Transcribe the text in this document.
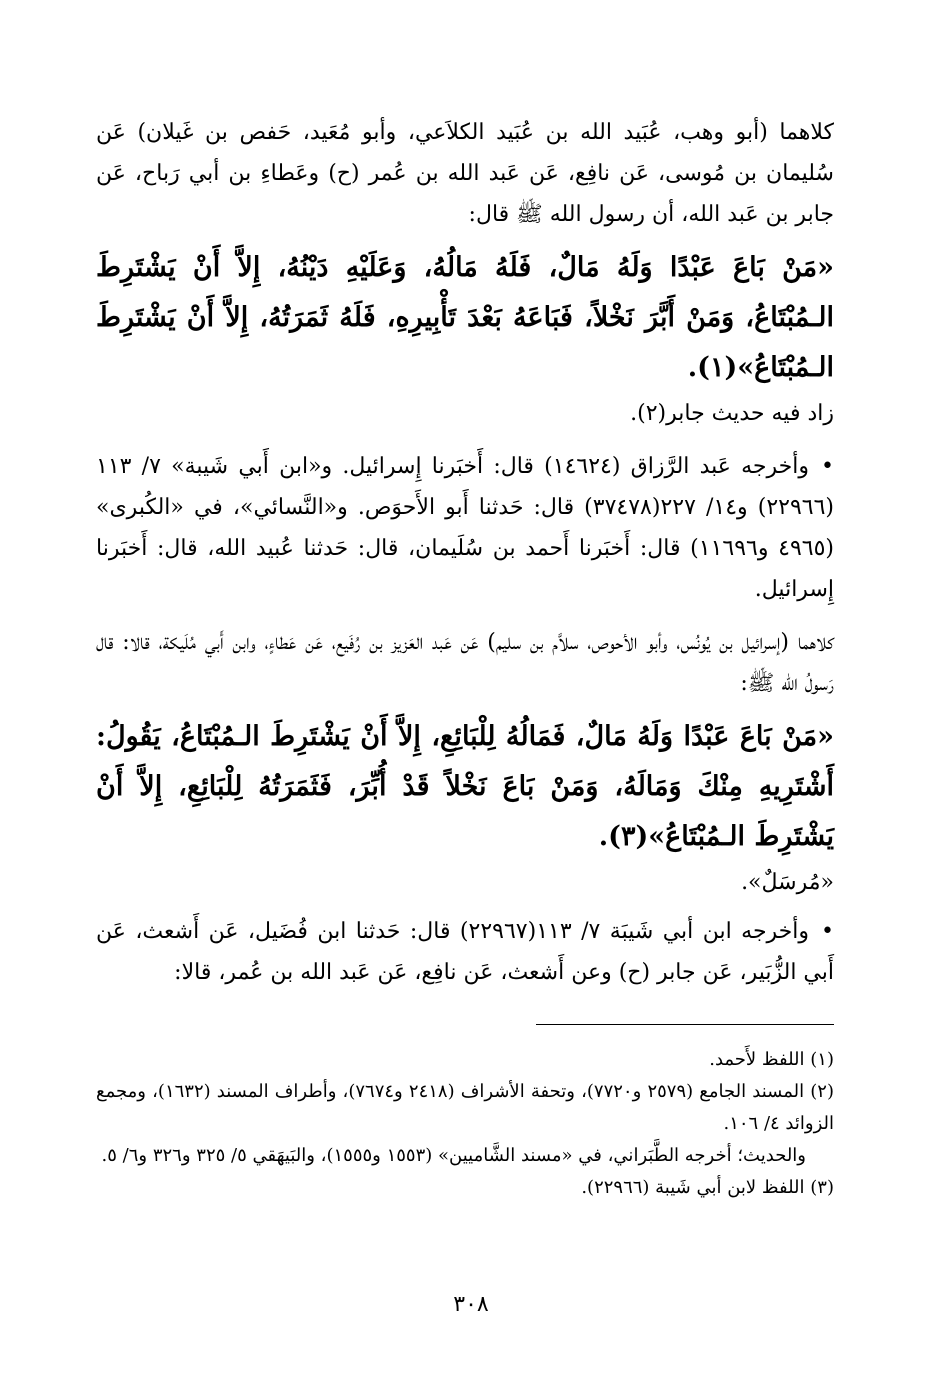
كلاهما (أبو وهب، عُبَيد الله بن عُبَيد الكلاَعي، وأبو مُعَيد، حَفص بن غَيلان) عَن سُليمان بن مُوسى، عَن نافِع، عَن عَبد الله بن عُمر (ح) وعَطاءِ بن أبي رَباح، عَن جابر بن عَبد الله، أن رسول الله ﷺ قال:

«مَنْ بَاعَ عَبْدًا وَلَهُ مَالٌ، فَلَهُ مَالُهُ، وَعَلَيْهِ دَيْنُهُ، إِلاَّ أَنْ يَشْتَرِطَ الـمُبْتَاعُ، وَمَنْ أَبَّرَ نَخْلاً، فَبَاعَهُ بَعْدَ تَأْبِيرِهِ، فَلَهُ ثَمَرَتُهُ، إِلاَّ أَنْ يَشْتَرِطَ الـمُبْتَاعُ»(١).

زاد فيه حديث جابر(٢).

•وأخرجه عَبد الرَّزاق (١٤٦٢٤) قال: أَخبَرنا إِسرائيل. و«ابن أَبي شَيبة» ٧/ ١١٣ (٢٢٩٦٦) و١٤/ ٢٢٧(٣٧٤٧٨) قال: حَدثنا أَبو الأَحوَص. و«النَّسائي»، في «الكُبرى» (٤٩٦٥ و١١٦٩٦) قال: أَخبَرنا أَحمد بن سُلَيمان، قال: حَدثنا عُبيد الله، قال: أَخبَرنا إِسرائيل.

كلاهما (إسرائيل بن يُونُس، وأبو الأحوص، سلاَّم بن سليم) عَن عَبد العَزيز بن رُفَيع، عَن عَطاءٍ، وابن أَبي مُلَيكة، قالا: قال رَسولُ الله ﷺ:

«مَنْ بَاعَ عَبْدًا وَلَهُ مَالٌ، فَمَالُهُ لِلْبَائِعِ، إِلاَّ أَنْ يَشْتَرِطَ الـمُبْتَاعُ، يَقُولُ: أَشْتَرِيهِ مِنْكَ وَمَالَهُ، وَمَنْ بَاعَ نَخْلاً قَدْ أُبِّرَ، فَثَمَرَتُهُ لِلْبَائِعِ، إِلاَّ أَنْ يَشْتَرِطَ الـمُبْتَاعُ»(٣).

«مُرسَلٌ».

•وأخرجه ابن أبي شَيبَة ٧/ ١١٣(٢٢٩٦٧) قال: حَدثنا ابن فُضَيل، عَن أَشعث، عَن أَبي الزُّبَير، عَن جابر (ح) وعن أَشعث، عَن نافِع، عَن عَبد الله بن عُمر، قالا:

(١) اللفظ لأَحمد.

(٢) المسند الجامع (٢٥٧٩ و٧٧٢٠)، وتحفة الأشراف (٢٤١٨ و٧٦٧٤)، وأطراف المسند (١٦٣٢)، ومجمع الزوائد ٤/ ١٠٦.

والحديث؛ أخرجه الطَّبَراني، في «مسند الشَّاميين» (١٥٥٣ و١٥٥٥)، والبَيهَقي ٥/ ٣٢٥ و٣٢٦ و٦/ ٥.

(٣) اللفظ لابن أبي شَيبة (٢٢٩٦٦).

٣٠٨
